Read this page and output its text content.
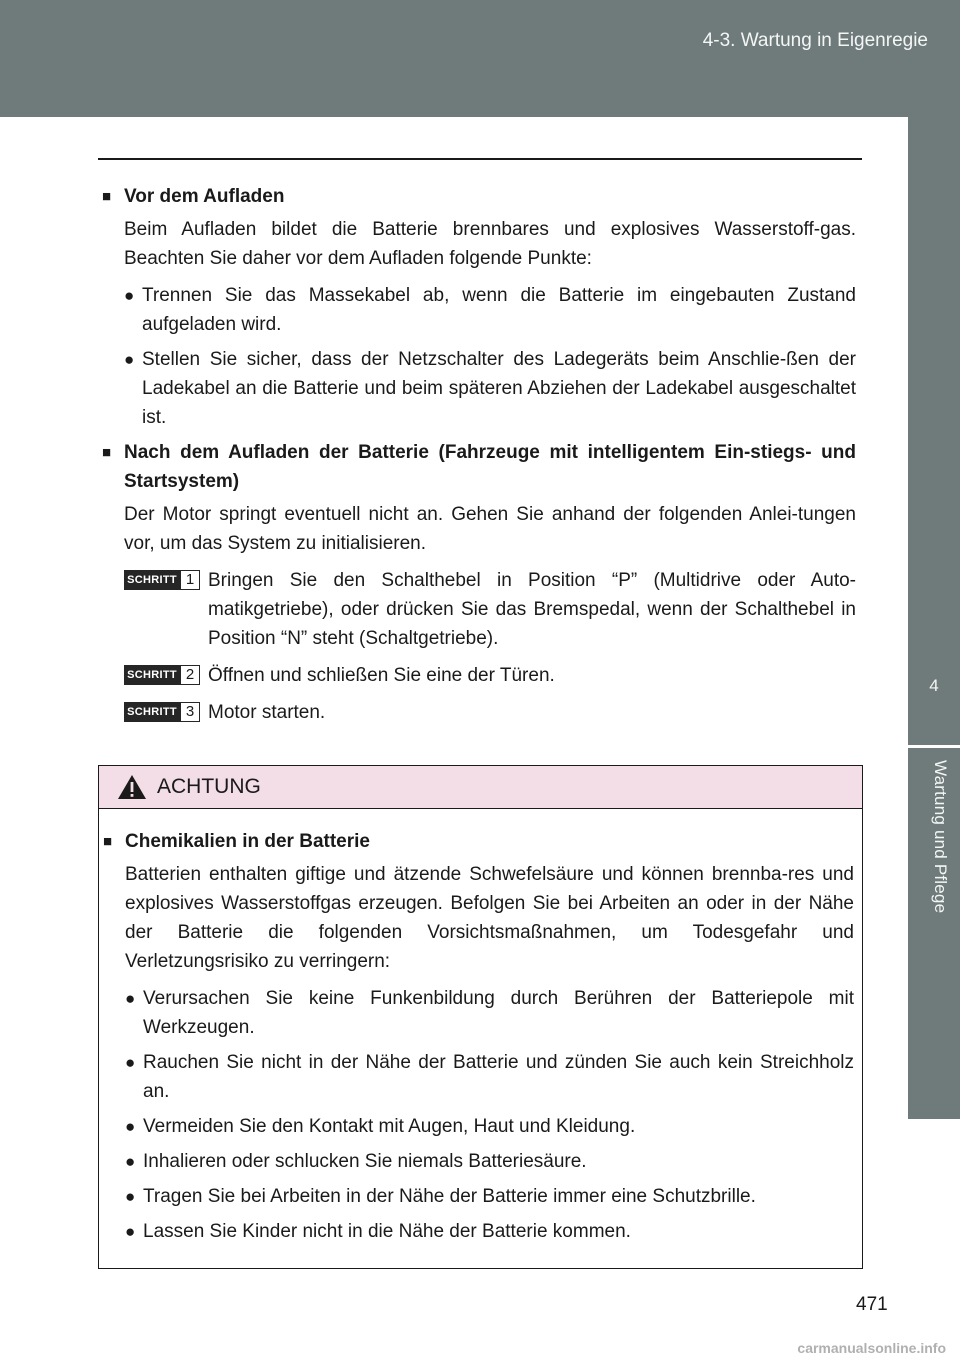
4-3. Wartung in Eigenregie
4
Wartung und Pflege
■ Vor dem Aufladen
Beim Aufladen bildet die Batterie brennbares und explosives Wasserstoff-gas. Beachten Sie daher vor dem Aufladen folgende Punkte:
● Trennen Sie das Massekabel ab, wenn die Batterie im eingebauten Zustand aufgeladen wird.
● Stellen Sie sicher, dass der Netzschalter des Ladegeräts beim Anschlie-ßen der Ladekabel an die Batterie und beim späteren Abziehen der Ladekabel ausgeschaltet ist.
■ Nach dem Aufladen der Batterie (Fahrzeuge mit intelligentem Ein-stiegs- und Startsystem)
Der Motor springt eventuell nicht an. Gehen Sie anhand der folgenden Anlei-tungen vor, um das System zu initialisieren.
SCHRITT 1 Bringen Sie den Schalthebel in Position “P” (Multidrive oder Auto-matikgetriebe), oder drücken Sie das Bremspedal, wenn der Schalthebel in Position “N” steht (Schaltgetriebe).
SCHRITT 2 Öffnen und schließen Sie eine der Türen.
SCHRITT 3 Motor starten.
ACHTUNG
■ Chemikalien in der Batterie
Batterien enthalten giftige und ätzende Schwefelsäure und können brennba-res und explosives Wasserstoffgas erzeugen. Befolgen Sie bei Arbeiten an oder in der Nähe der Batterie die folgenden Vorsichtsmaßnahmen, um Todesgefahr und Verletzungsrisiko zu verringern:
● Verursachen Sie keine Funkenbildung durch Berühren der Batteriepole mit Werkzeugen.
● Rauchen Sie nicht in der Nähe der Batterie und zünden Sie auch kein Streichholz an.
● Vermeiden Sie den Kontakt mit Augen, Haut und Kleidung.
● Inhalieren oder schlucken Sie niemals Batteriesäure.
● Tragen Sie bei Arbeiten in der Nähe der Batterie immer eine Schutzbrille.
● Lassen Sie Kinder nicht in die Nähe der Batterie kommen.
471
carmanualsonline.info
